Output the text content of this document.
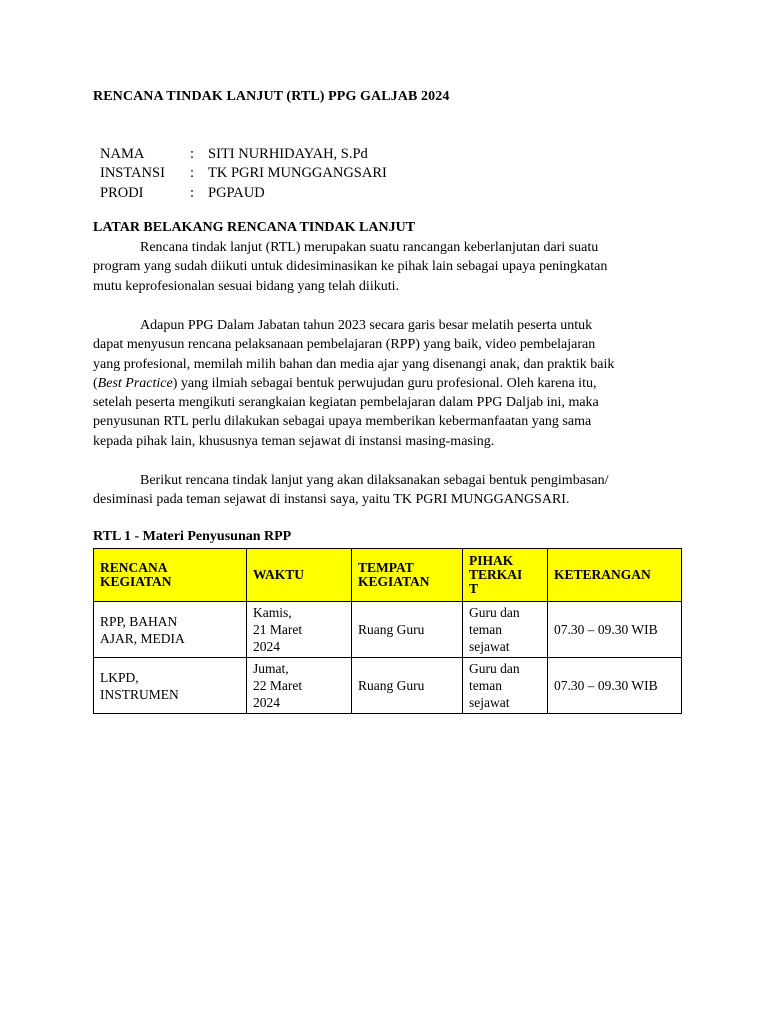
RENCANA TINDAK LANJUT (RTL) PPG GALJAB 2024
NAMA	: SITI NURHIDAYAH, S.Pd
INSTANSI : TK PGRI MUNGGANGSARI
PRODI	: PGPAUD
LATAR BELAKANG RENCANA TINDAK LANJUT
Rencana tindak lanjut (RTL) merupakan suatu rancangan keberlanjutan dari suatu
program yang sudah diikuti untuk didesiminasikan ke pihak lain sebagai upaya peningkatan
mutu keprofesionalan sesuai bidang yang telah diikuti.
Adapun PPG Dalam Jabatan tahun 2023 secara garis besar melatih peserta untuk
dapat menyusun rencana pelaksanaan pembelajaran (RPP) yang baik, video pembelajaran
yang profesional, memilah milih bahan dan media ajar yang disenangi anak, dan praktik baik
(Best Practice) yang ilmiah sebagai bentuk perwujudan guru profesional. Oleh karena itu,
setelah peserta mengikuti serangkaian kegiatan pembelajaran dalam PPG Daljab ini, maka
penyusunan RTL perlu dilakukan sebagai upaya memberikan kebermanfaatan yang sama
kepada pihak lain, khususnya teman sejawat di instansi masing-masing.
Berikut rencana tindak lanjut yang akan dilaksanakan sebagai bentuk pengimbasan/
desiminasi pada teman sejawat di instansi saya, yaitu TK PGRI MUNGGANGSARI.
RTL 1 - Materi Penyusunan RPP
RENCANA
KEGIATAN	WAKTU	TEMPAT
KEGIATAN	PIHAK
TERKAI
T	KETERANGAN

RPP, BAHAN
AJAR, MEDIA	Kamis,
21 Maret
2024	Ruang Guru	Guru dan
teman
sejawat	07.30 – 09.30 WIB

LKPD,
INSTRUMEN	Jumat,
22 Maret
2024	Ruang Guru	Guru dan
teman
sejawat	07.30 – 09.30 WIB
